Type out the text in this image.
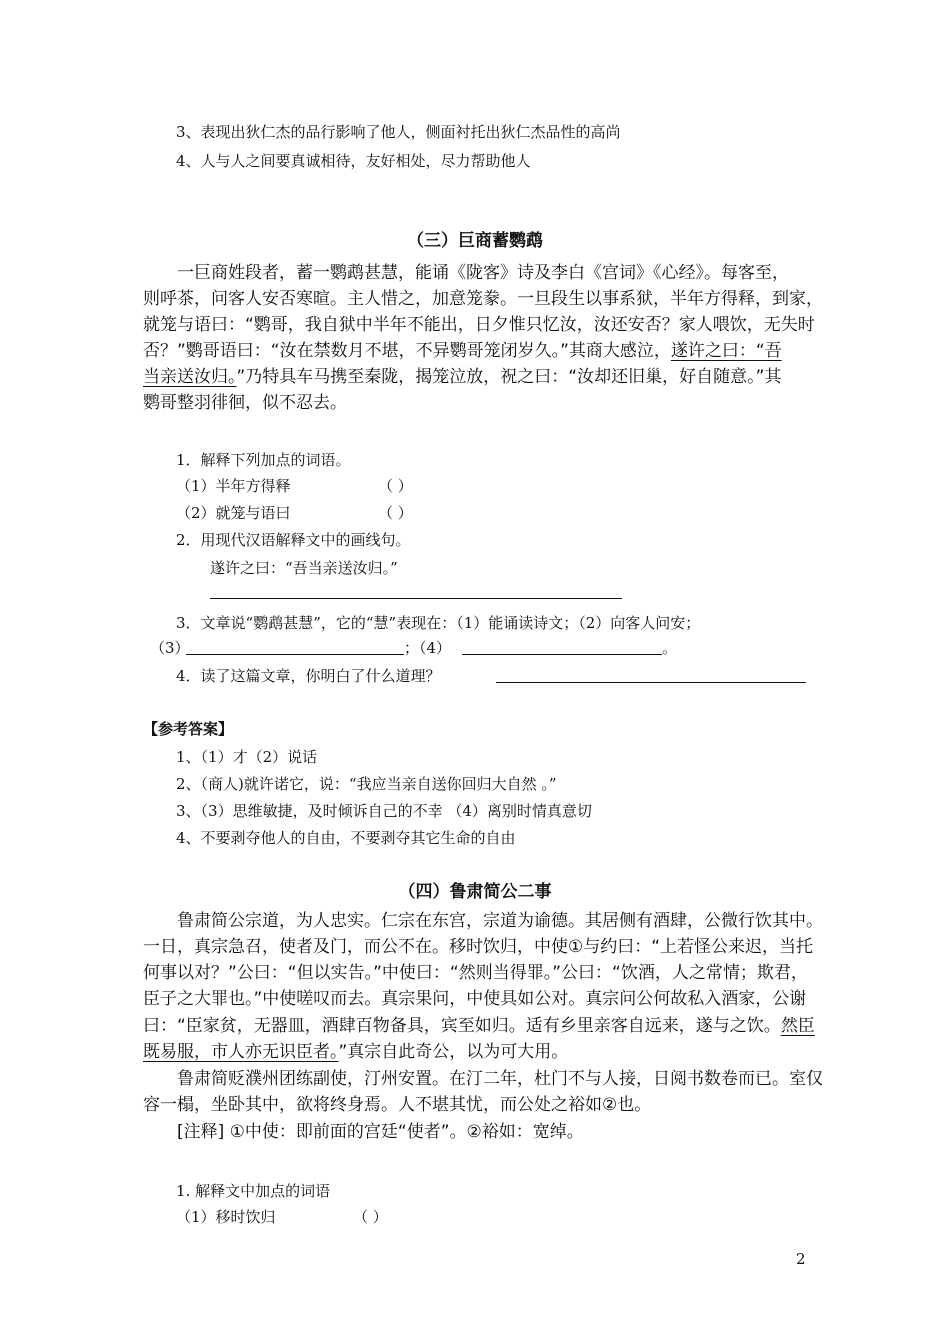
3、表现出狄仁杰的品行影响了他人，侧面衬托出狄仁杰品性的高尚
4、人与人之间要真诚相待，友好相处，尽力帮助他人
（三）巨商蓄鹦鹉
一巨商姓段者，蓄一鹦鹉甚慧，能诵《陇客》诗及李白《宫词》《心经》。每客至，
则呼茶，问客人安否寒暄。主人惜之，加意笼豢。一旦段生以事系狱，半年方得释，到家，
就笼与语曰：“鹦哥，我自狱中半年不能出，日夕惟只忆汝，汝还安否？家人喂饮，无失时
否？”鹦哥语曰：“汝在禁数月不堪，不异鹦哥笼闭岁久。”其商大感泣，遂许之曰：“吾
当亲送汝归。”乃特具车马携至秦陇，揭笼泣放，祝之曰：“汝却还旧巢，好自随意。”其
鹦哥整羽徘徊，似不忍去。
1．解释下列加点的词语。
（1）半年方得释	（ ）
（2）就笼与语曰	（ ）
2．用现代汉语解释文中的画线句。
遂许之曰：“吾当亲送汝归。”
3．文章说“鹦鹉甚慧”，它的“慧”表现在：（1）能诵读诗文；（2）向客人问安；
（3）	；（4）	。
4．读了这篇文章，你明白了什么道理？
【参考答案】
1、（1）才（2）说话
2、（商人)就许诺它，说：“我应当亲自送你回归大自然 。”
3、（3）思维敏捷，及时倾诉自己的不幸 （4）离别时情真意切
4、不要剥夺他人的自由，不要剥夺其它生命的自由
（四）鲁肃简公二事
鲁肃简公宗道，为人忠实。仁宗在东宫，宗道为谕德。其居侧有酒肆，公微行饮其中。
一日，真宗急召，使者及门，而公不在。移时饮归，中使①与约曰：“上若怪公来迟，当托
何事以对？”公曰：“但以实告。”中使曰：“然则当得罪。”公曰：“饮酒，人之常情；欺君，
臣子之大罪也。”中使嗟叹而去。真宗果问，中使具如公对。真宗问公何故私入酒家，公谢
曰：“臣家贫，无器皿，酒肆百物备具，宾至如归。适有乡里亲客自远来，遂与之饮。然臣
既易服，市人亦无识臣者。”真宗自此奇公，以为可大用。
鲁肃简贬濮州团练副使，汀州安置。在汀二年，杜门不与人接，日阅书数卷而已。室仅
容一榻，坐卧其中，欲将终身焉。人不堪其忧，而公处之裕如②也。
[注释] ①中使：即前面的宫廷“使者”。②裕如：宽绰。
1. 解释文中加点的词语
（1）移时饮归	（ ）
2
